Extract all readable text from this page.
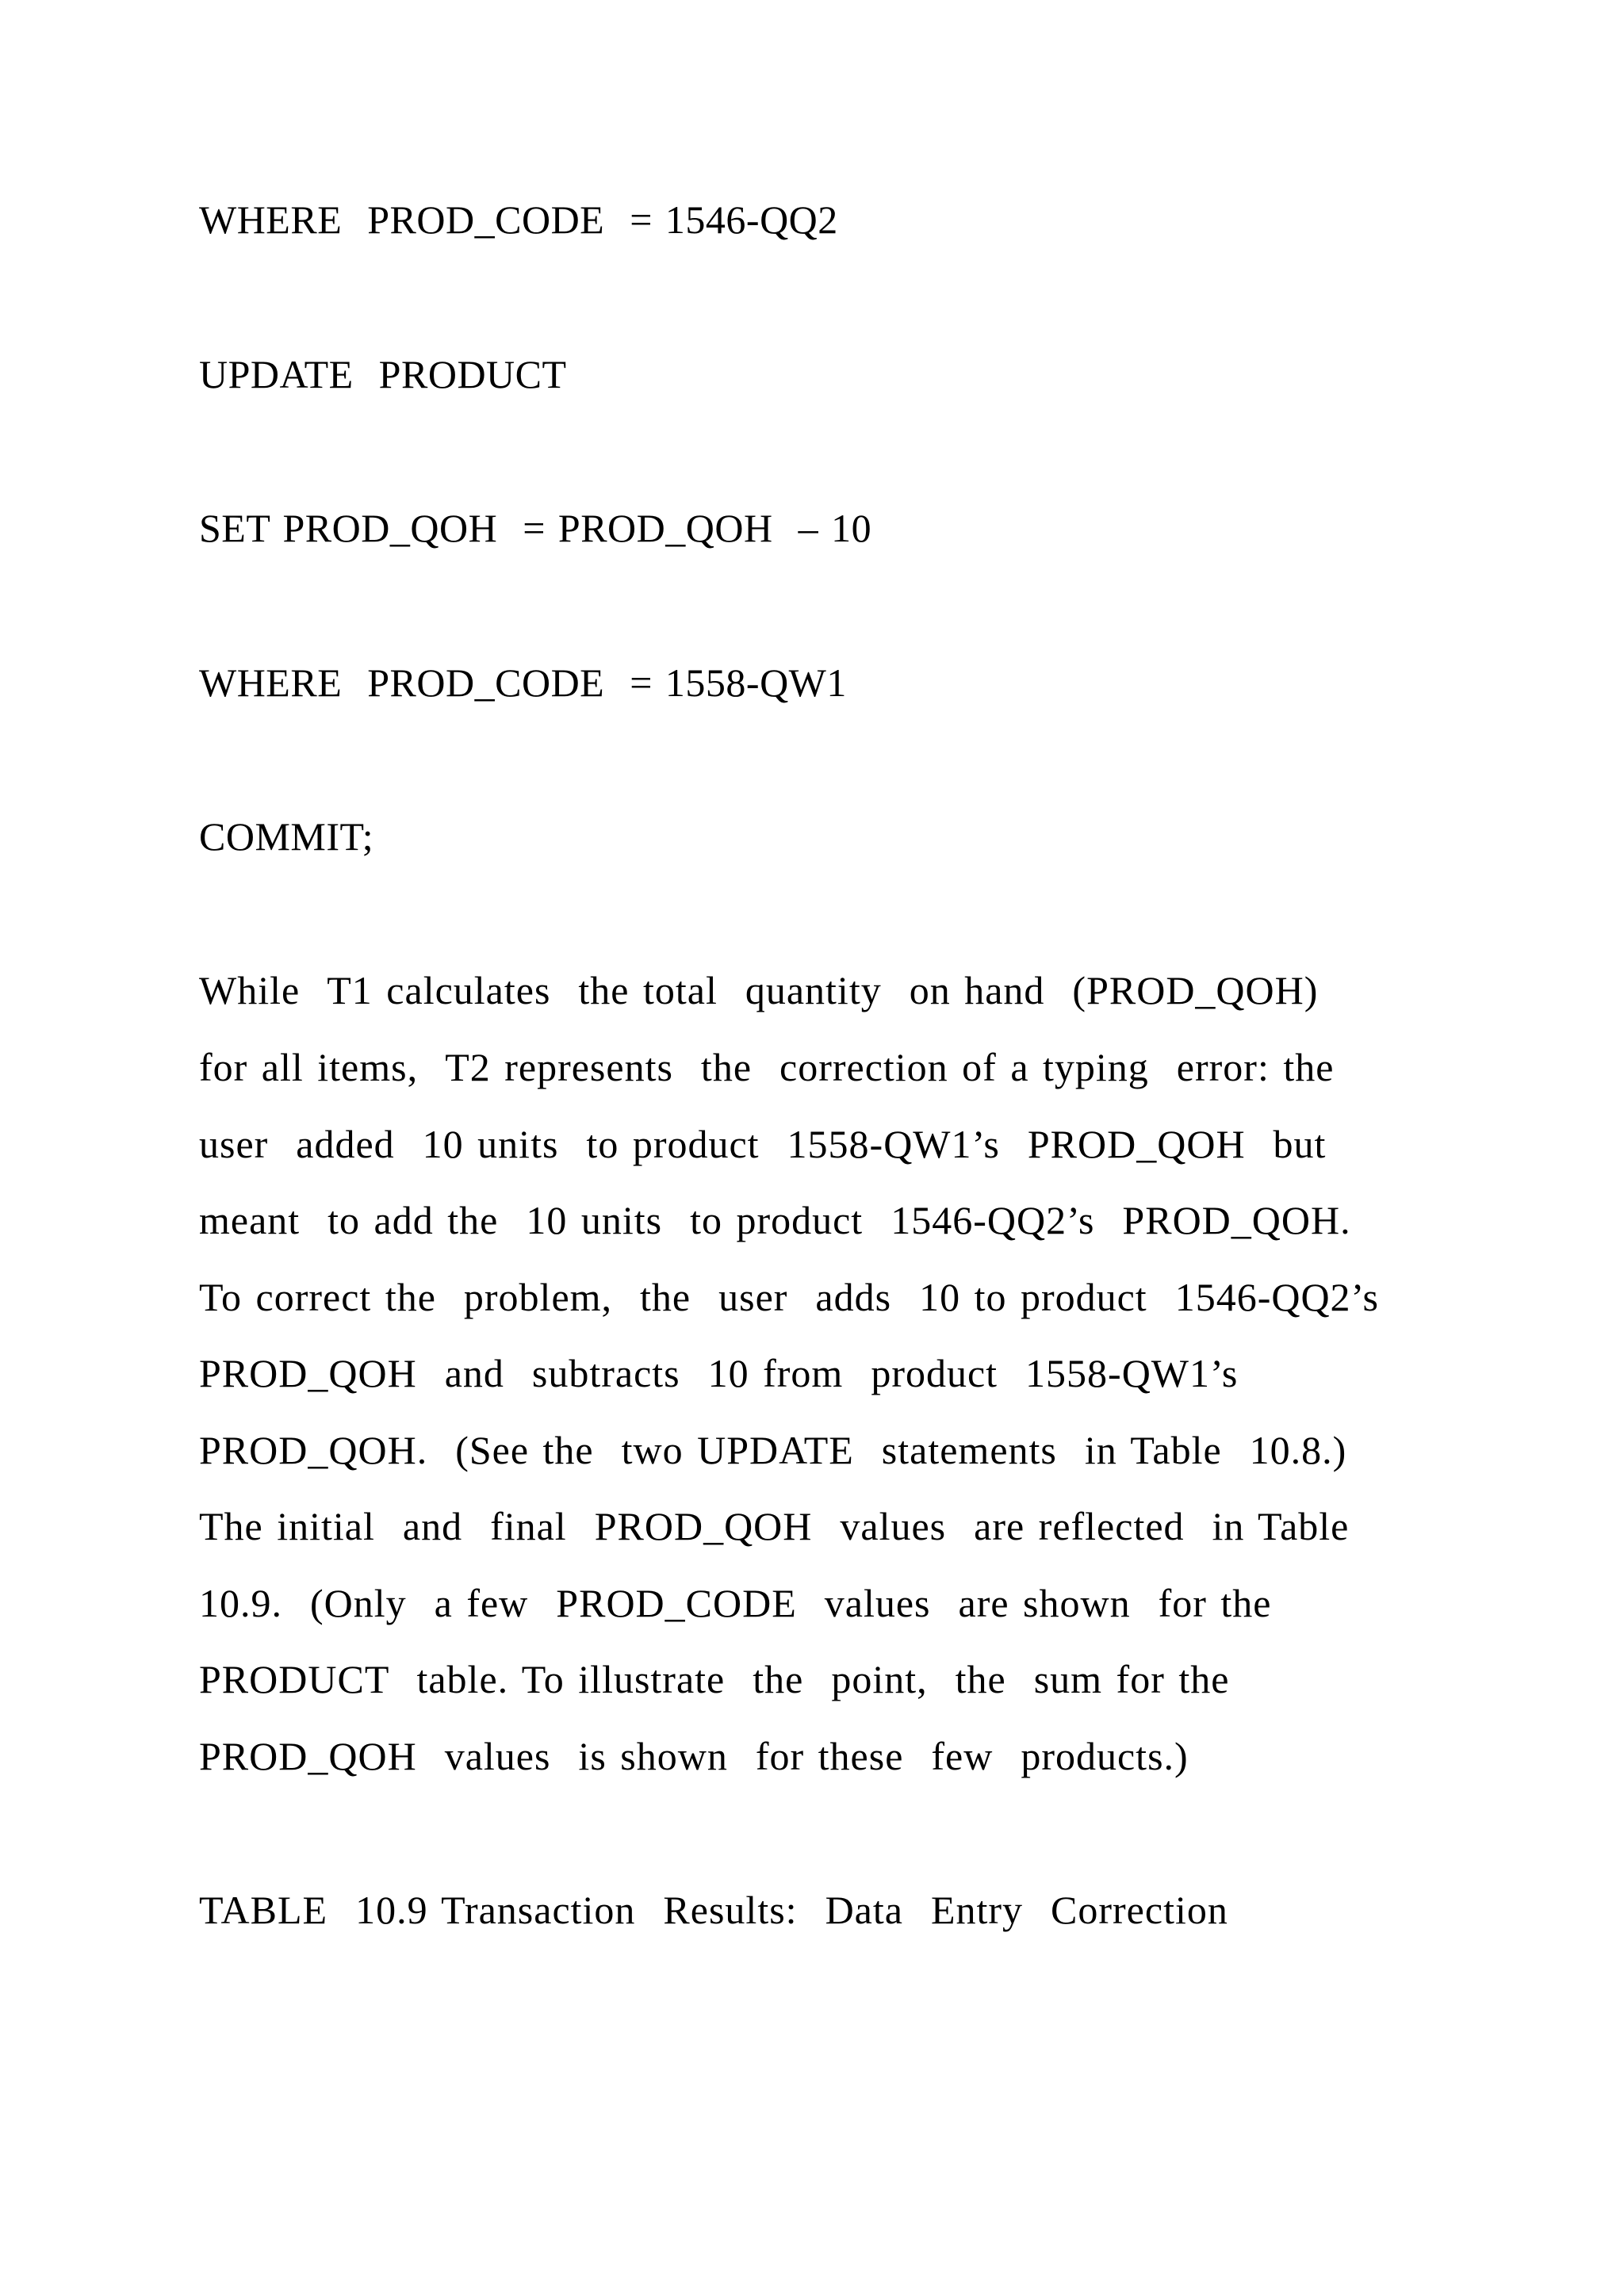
WHERE  PROD_CODE  = 1546-QQ2
UPDATE  PRODUCT
SET PROD_QOH  = PROD_QOH  – 10
WHERE  PROD_CODE  = 1558-QW1
COMMIT;
While  T1 calculates  the total  quantity  on hand  (PROD_QOH)
for all items,  T2 represents  the  correction of a typing  error: the
user  added  10 units  to product  1558-QW1’s  PROD_QOH  but
meant  to add the  10 units  to product  1546-QQ2’s  PROD_QOH.
To correct the  problem,  the  user  adds  10 to product  1546-QQ2’s
PROD_QOH  and  subtracts  10 from  product  1558-QW1’s
PROD_QOH.  (See the  two UPDATE  statements  in Table  10.8.)
The initial  and  final  PROD_QOH  values  are reflected  in Table
10.9.  (Only  a few  PROD_CODE  values  are shown  for the
PRODUCT  table. To illustrate  the  point,  the  sum for the
PROD_QOH  values  is shown  for these  few  products.)
TABLE  10.9 Transaction  Results:  Data  Entry  Correction
